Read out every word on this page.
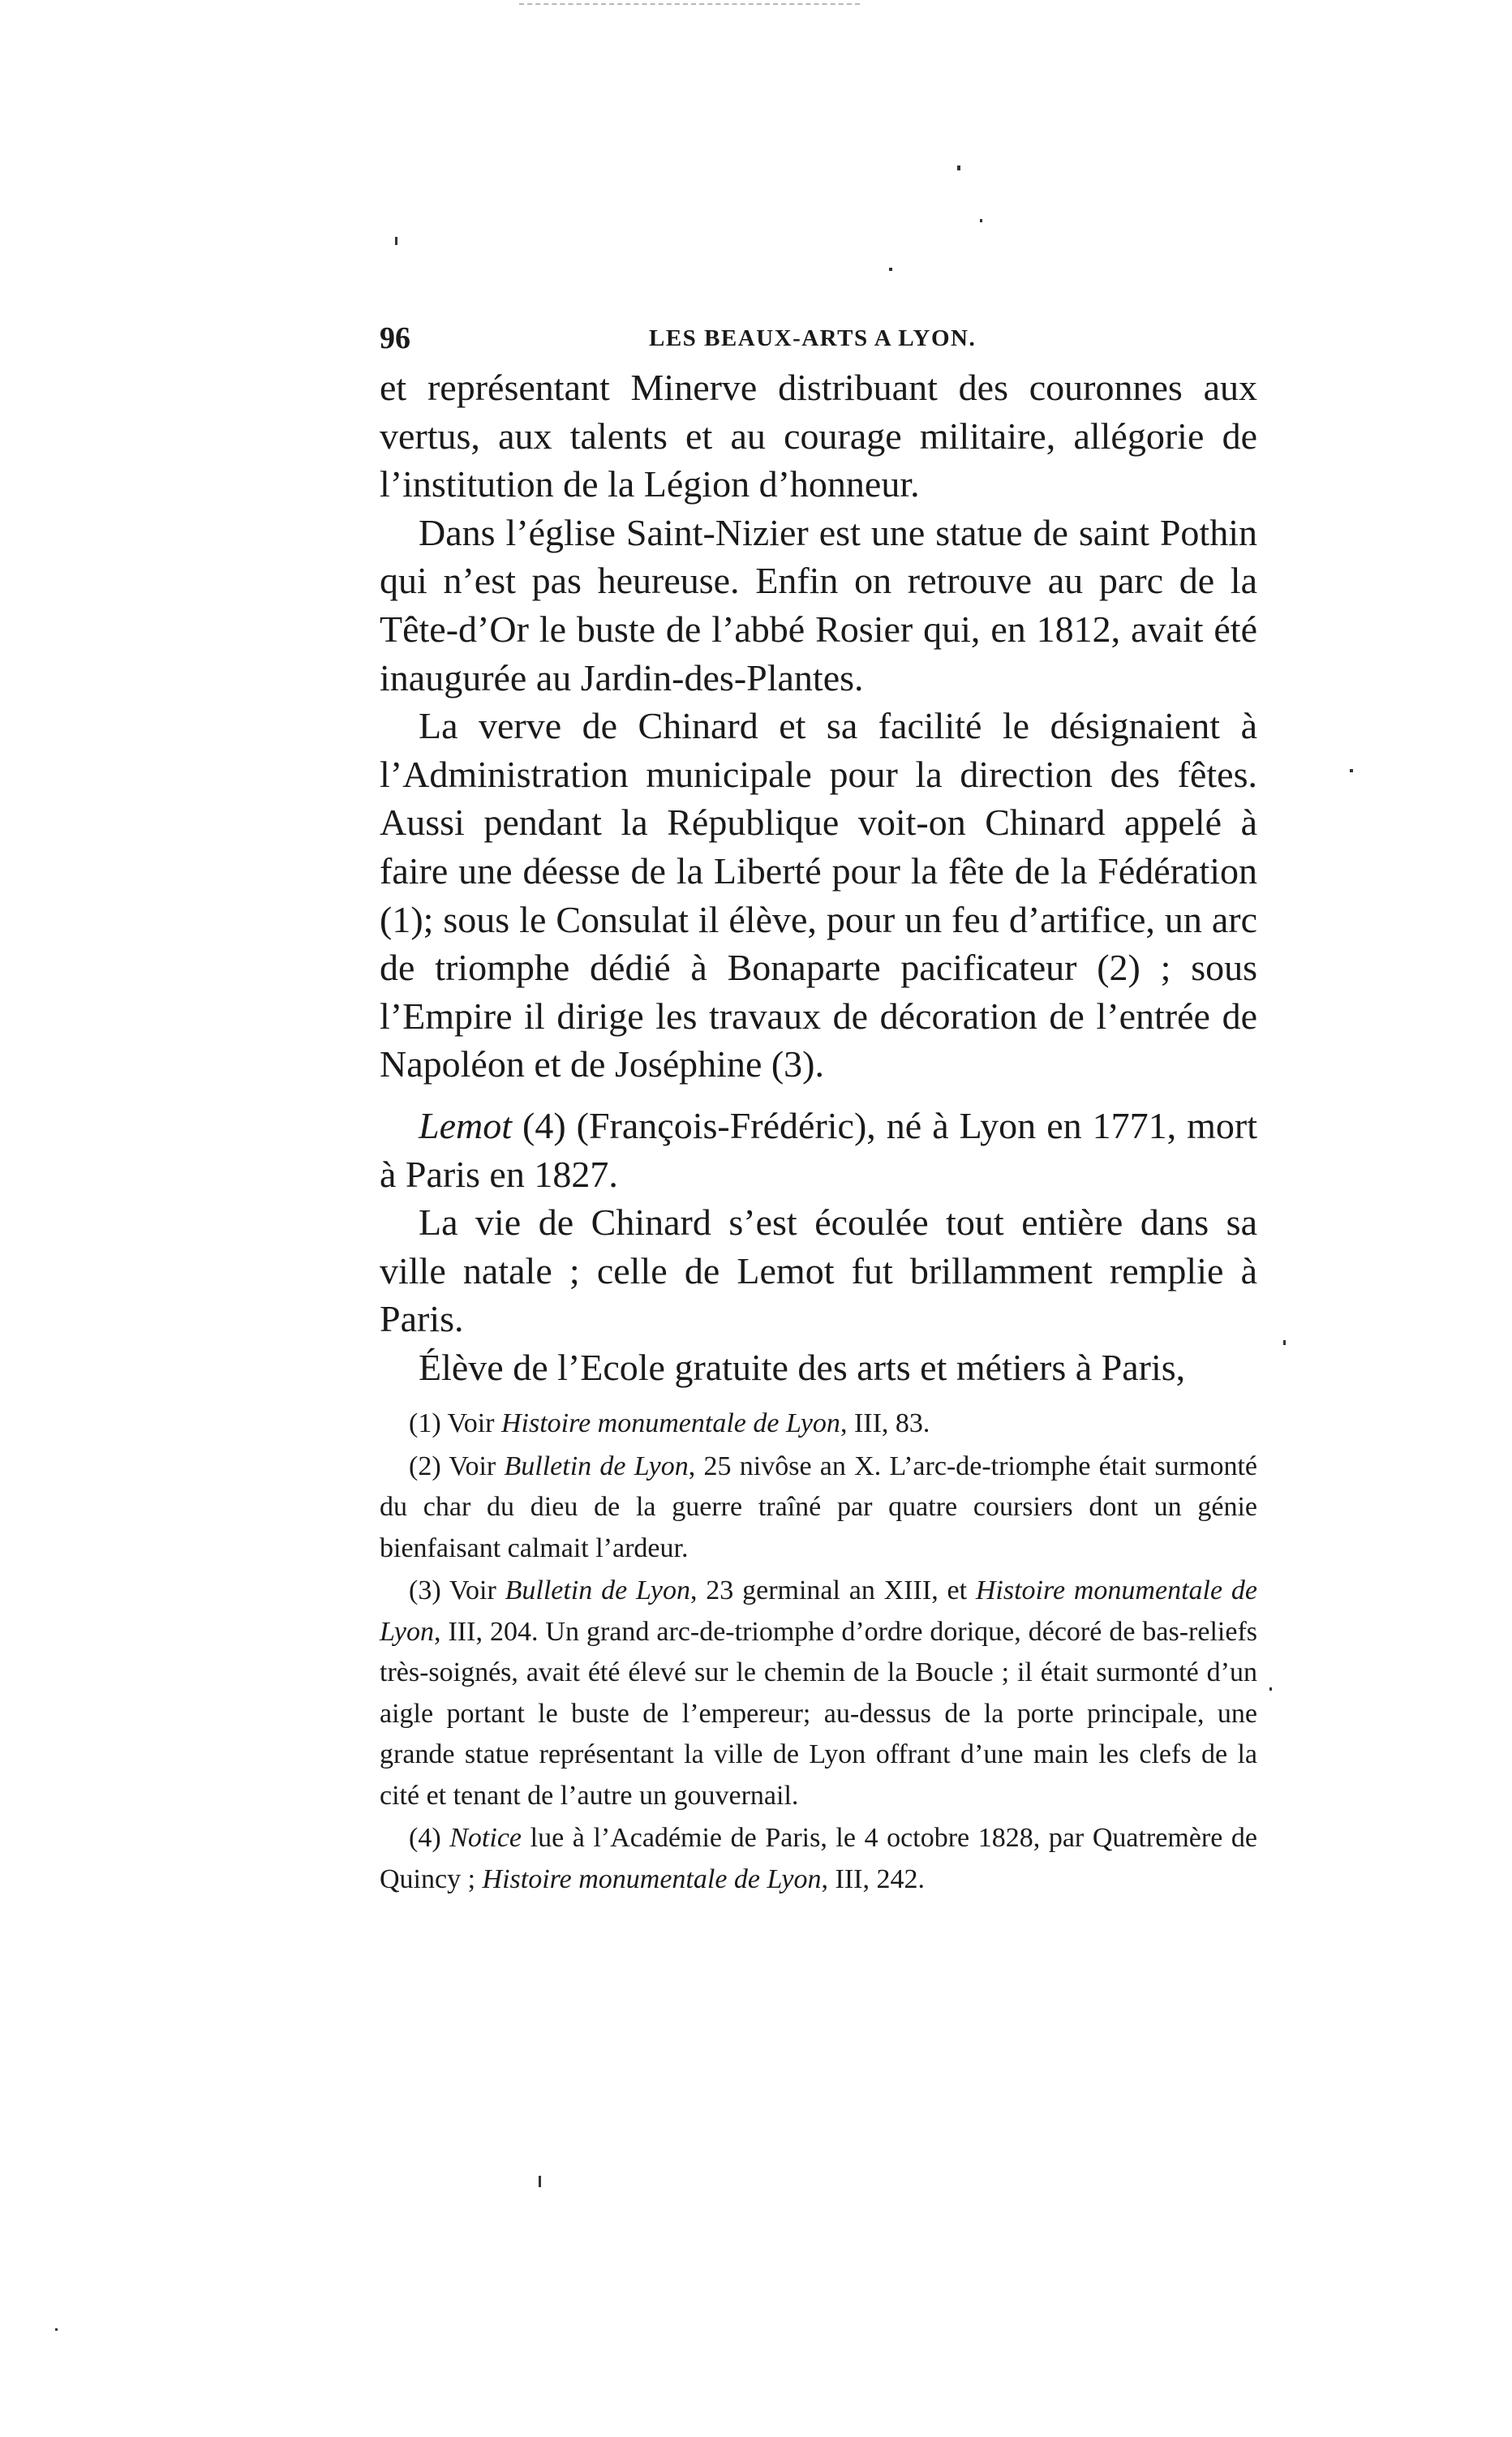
96	LES BEAUX-ARTS A LYON.

et représentant Minerve distribuant des couronnes aux vertus, aux talents et au courage militaire, allégorie de l’institution de la Légion d’honneur.

Dans l’église Saint-Nizier est une statue de saint Pothin qui n’est pas heureuse. Enfin on retrouve au parc de la Tête-d’Or le buste de l’abbé Rosier qui, en 1812, avait été inaugurée au Jardin-des-Plantes.

La verve de Chinard et sa facilité le désignaient à l’Administration municipale pour la direction des fêtes. Aussi pendant la République voit-on Chinard appelé à faire une déesse de la Liberté pour la fête de la Fédération (1); sous le Consulat il élève, pour un feu d’artifice, un arc de triomphe dédié à Bonaparte pacificateur (2) ; sous l’Empire il dirige les travaux de décoration de l’entrée de Napoléon et de Joséphine (3).

Lemot (4) (François-Frédéric), né à Lyon en 1771, mort à Paris en 1827.

La vie de Chinard s’est écoulée tout entière dans sa ville natale ; celle de Lemot fut brillamment remplie à Paris.

Élève de l’Ecole gratuite des arts et métiers à Paris,

(1) Voir Histoire monumentale de Lyon, III, 83.

(2) Voir Bulletin de Lyon, 25 nivôse an X. L’arc-de-triomphe était surmonté du char du dieu de la guerre traîné par quatre coursiers dont un génie bienfaisant calmait l’ardeur.

(3) Voir Bulletin de Lyon, 23 germinal an XIII, et Histoire monumentale de Lyon, III, 204. Un grand arc-de-triomphe d’ordre dorique, décoré de bas-reliefs très-soignés, avait été élevé sur le chemin de la Boucle ; il était surmonté d’un aigle portant le buste de l’empereur; au-dessus de la porte principale, une grande statue représentant la ville de Lyon offrant d’une main les clefs de la cité et tenant de l’autre un gouvernail.

(4) Notice lue à l’Académie de Paris, le 4 octobre 1828, par Quatremère de Quincy ; Histoire monumentale de Lyon, III, 242.
